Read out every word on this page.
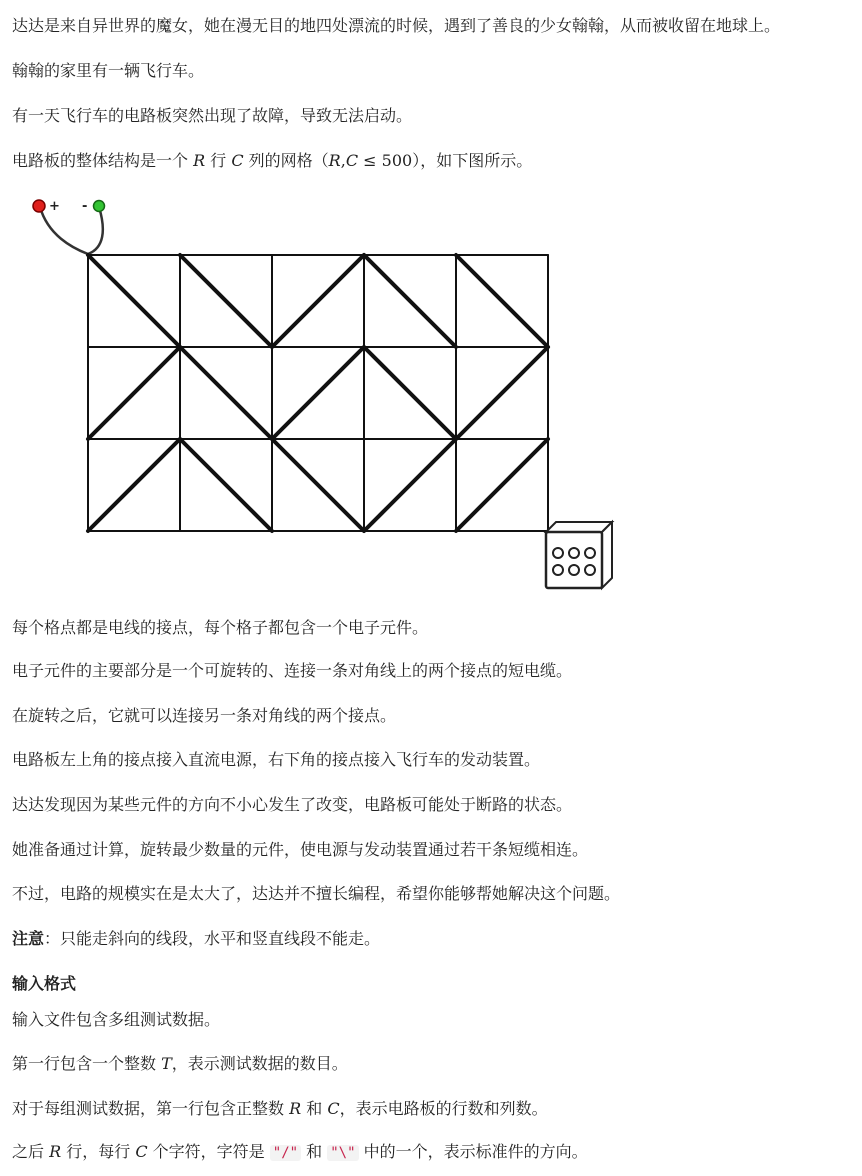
达达是来自异世界的魔女，她在漫无目的地四处漂流的时候，遇到了善良的少女翰翰，从而被收留在地球上。
翰翰的家里有一辆飞行车。
有一天飞行车的电路板突然出现了故障，导致无法启动。
电路板的整体结构是一个 R 行 C 列的网格（R,C ≤ 500），如下图所示。
+ -
每个格点都是电线的接点，每个格子都包含一个电子元件。
电子元件的主要部分是一个可旋转的、连接一条对角线上的两个接点的短电缆。
在旋转之后，它就可以连接另一条对角线的两个接点。
电路板左上角的接点接入直流电源，右下角的接点接入飞行车的发动装置。
达达发现因为某些元件的方向不小心发生了改变，电路板可能处于断路的状态。
她准备通过计算，旋转最少数量的元件，使电源与发动装置通过若干条短缆相连。
不过，电路的规模实在是太大了，达达并不擅长编程，希望你能够帮她解决这个问题。
注意：只能走斜向的线段，水平和竖直线段不能走。
输入格式
输入文件包含多组测试数据。
第一行包含一个整数 T，表示测试数据的数目。
对于每组测试数据，第一行包含正整数 R 和 C，表示电路板的行数和列数。
之后 R 行，每行 C 个字符，字符是 "/" 和 "\" 中的一个，表示标准件的方向。
